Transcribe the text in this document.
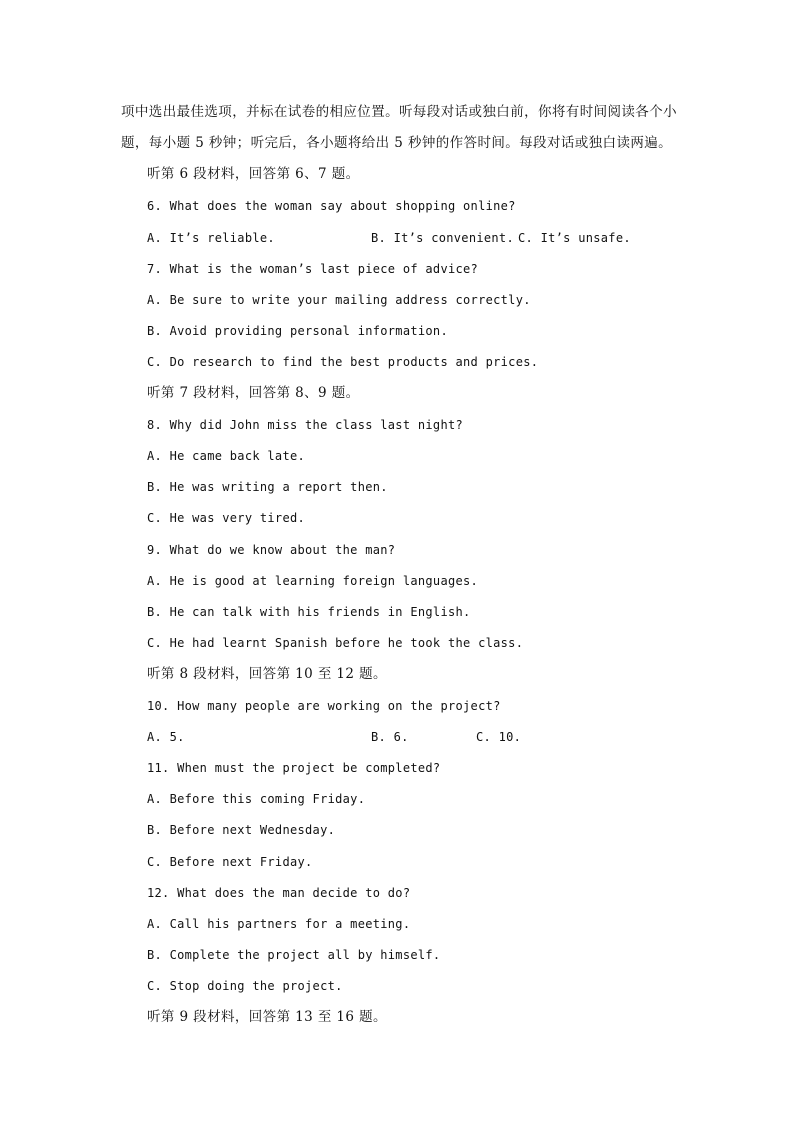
项中选出最佳选项，并标在试卷的相应位置。听每段对话或独白前，你将有时间阅读各个小
题，每小题 5 秒钟；听完后，各小题将给出 5 秒钟的作答时间。每段对话或独白读两遍。
听第 6 段材料，回答第 6、7 题。
6. What does the woman say about shopping online?
A. It’s reliable.	B. It’s convenient. C. It’s unsafe.
7. What is the woman’s last piece of advice?
A. Be sure to write your mailing address correctly.
B. Avoid providing personal information.
C. Do research to find the best products and prices.
听第 7 段材料，回答第 8、9 题。
8. Why did John miss the class last night?
A. He came back late.
B. He was writing a report then.
C. He was very tired.
9. What do we know about the man?
A. He is good at learning foreign languages.
B. He can talk with his friends in English.
C. He had learnt Spanish before he took the class.
听第 8 段材料，回答第 10 至 12 题。
10. How many people are working on the project?
A. 5.	B. 6.	C. 10.
11. When must the project be completed?
A. Before this coming Friday.
B. Before next Wednesday.
C. Before next Friday.
12. What does the man decide to do?
A. Call his partners for a meeting.
B. Complete the project all by himself.
C. Stop doing the project.
听第 9 段材料，回答第 13 至 16 题。
